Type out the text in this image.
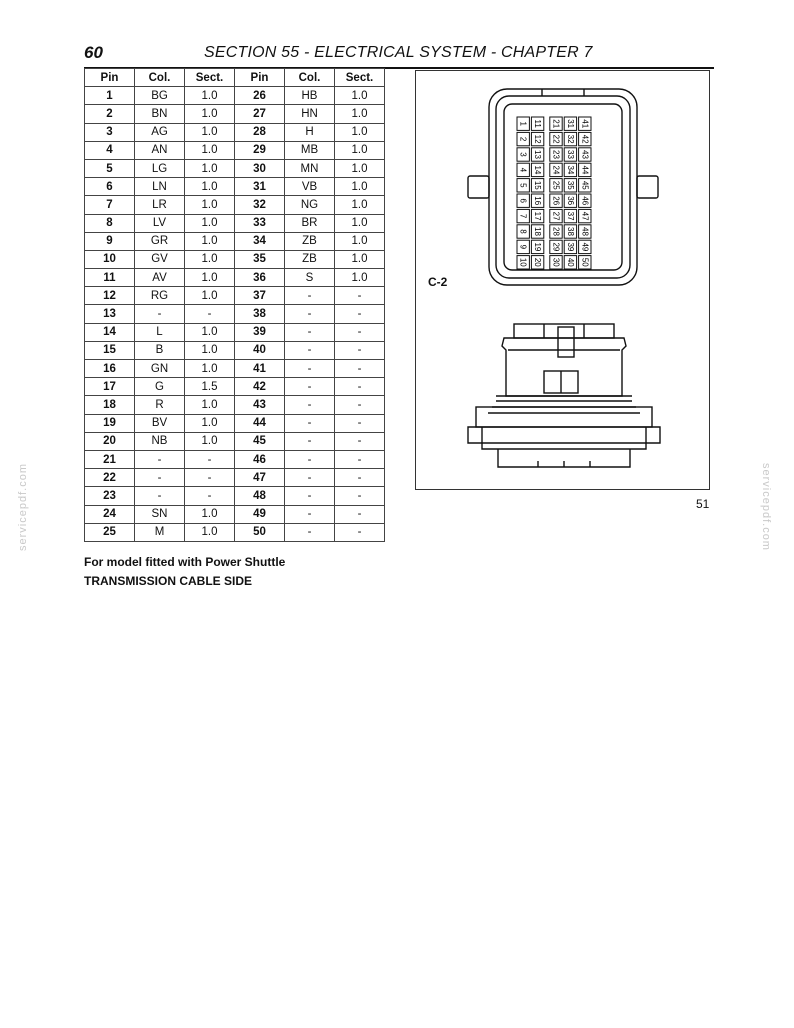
60	SECTION 55 - ELECTRICAL SYSTEM - CHAPTER 7
Pin	Col.	Sect.	Pin	Col.	Sect.
1	BG	1.0	26	HB	1.0
2	BN	1.0	27	HN	1.0
3	AG	1.0	28	H	1.0
4	AN	1.0	29	MB	1.0
5	LG	1.0	30	MN	1.0
6	LN	1.0	31	VB	1.0
7	LR	1.0	32	NG	1.0
8	LV	1.0	33	BR	1.0
9	GR	1.0	34	ZB	1.0
10	GV	1.0	35	ZB	1.0
11	AV	1.0	36	S	1.0
12	RG	1.0	37	-	-
13	-	-	38	-	-
14	L	1.0	39	-	-
15	B	1.0	40	-	-
16	GN	1.0	41	-	-
17	G	1.5	42	-	-
18	R	1.0	43	-	-
19	BV	1.0	44	-	-
20	NB	1.0	45	-	-
21	-	-	46	-	-
22	-	-	47	-	-
23	-	-	48	-	-
24	SN	1.0	49	-	-
25	M	1.0	50	-	-
1 11 21 31 41
2 12 22 32 42
3 13 23 33 43
4 14 24 34 44
5 15 25 35 45
6 16 26 36 46
7 17 27 37 47
8 18 28 38 48
9 19 29 39 49
10 20 30 40 50
C-2
51
For model fitted with Power Shuttle
TRANSMISSION CABLE SIDE
servicepdf.com	servicepdf.com
